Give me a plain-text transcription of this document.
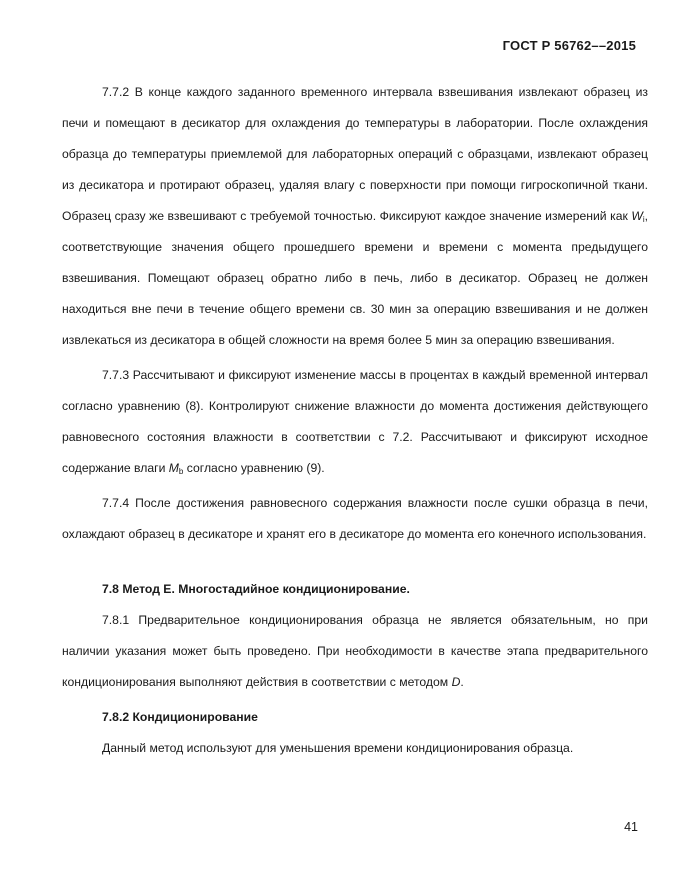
ГОСТ Р 56762––2015

7.7.2 В конце каждого заданного временного интервала взвешивания извлекают образец из печи и помещают в десикатор для охлаждения до температуры в лаборатории. После охлаждения образца до температуры приемлемой для лабораторных операций с образцами, извлекают образец из десикатора и протирают образец, удаляя влагу с поверхности при помощи гигроскопичной ткани. Образец сразу же взвешивают с требуемой точностью. Фиксируют каждое значение измерений как $W_i$, соответствующие значения общего прошедшего времени и времени с момента предыдущего взвешивания. Помещают образец обратно либо в печь, либо в десикатор. Образец не должен находиться вне печи в течение общего времени св. 30 мин за операцию взвешивания и не должен извлекаться из десикатора в общей сложности на время более 5 мин за операцию взвешивания.

7.7.3 Рассчитывают и фиксируют изменение массы в процентах в каждый временной интервал согласно уравнению (8). Контролируют снижение влажности до момента достижения действующего равновесного состояния влажности в соответствии с 7.2. Рассчитывают и фиксируют исходное содержание влаги $M_b$ согласно уравнению (9).

7.7.4 После достижения равновесного содержания влажности после сушки образца в печи, охлаждают образец в десикаторе и хранят его в десикаторе до момента его конечного использования.

7.8 Метод Е. Многостадийное кондиционирование.

7.8.1 Предварительное кондиционирования образца не является обязательным, но при наличии указания может быть проведено. При необходимости в качестве этапа предварительного кондиционирования выполняют действия в соответствии с методом D.

7.8.2 Кондиционирование

Данный метод используют для уменьшения времени кондиционирования образца.

41
